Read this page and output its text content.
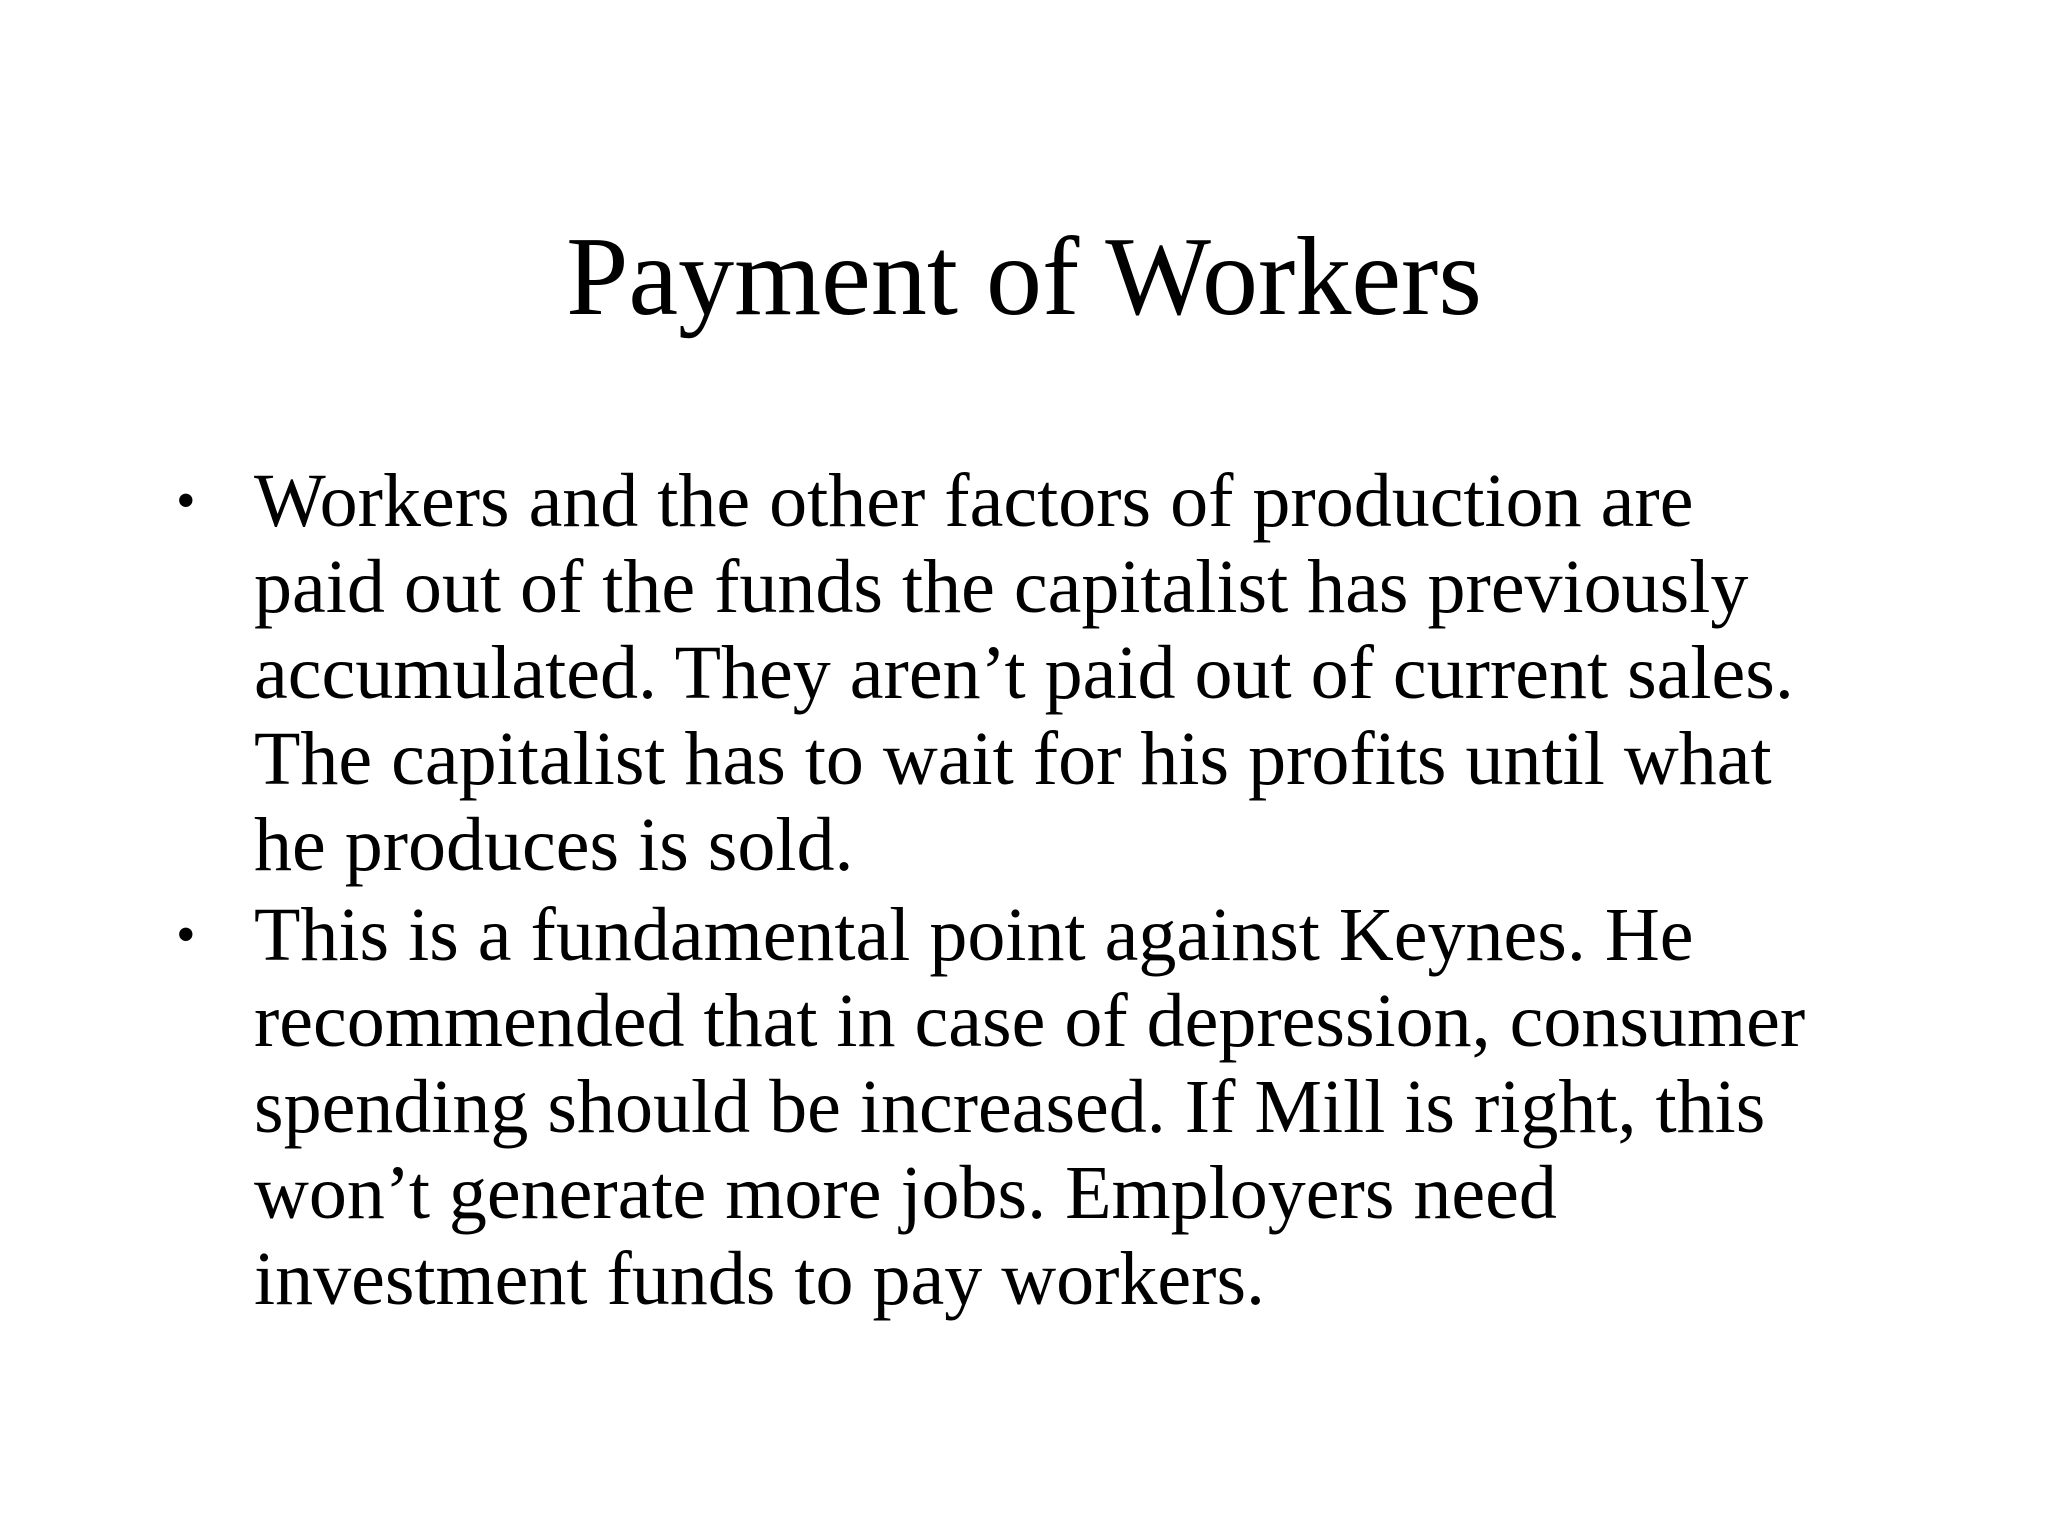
Payment of Workers
• Workers and the other factors of production are
paid out of the funds the capitalist has previously
accumulated. They aren’t paid out of current sales.
The capitalist has to wait for his profits until what
he produces is sold.
• This is a fundamental point against Keynes. He
recommended that in case of depression, consumer
spending should be increased. If Mill is right, this
won’t generate more jobs. Employers need
investment funds to pay workers.
